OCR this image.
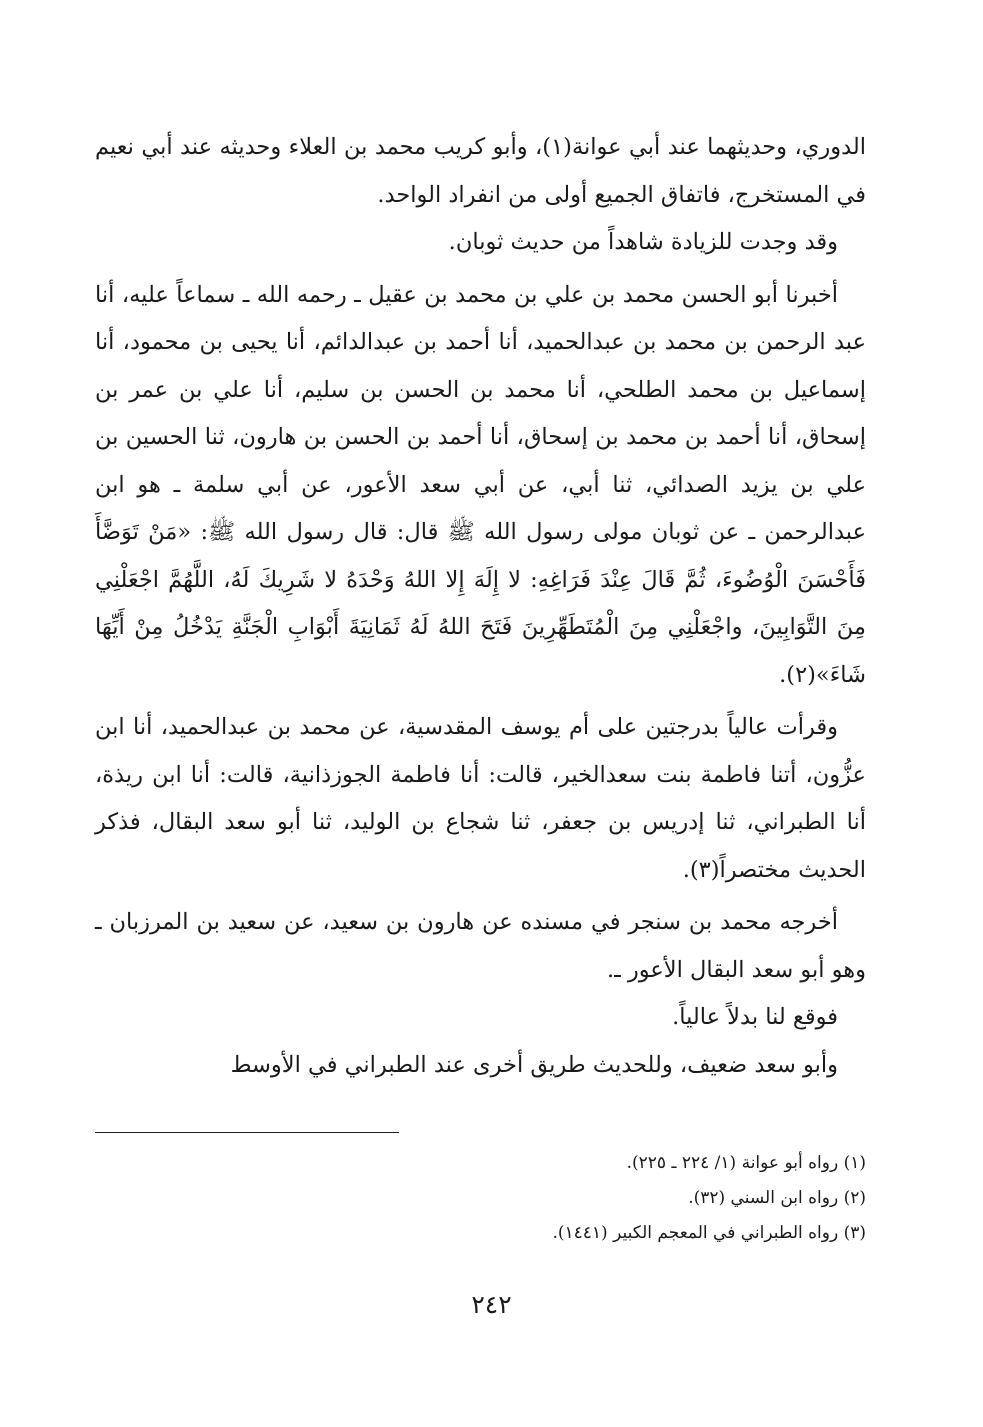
الدوري، وحديثهما عند أبي عوانة(١)، وأبو كريب محمد بن العلاء وحديثه عند أبي نعيم في المستخرج، فاتفاق الجميع أولى من انفراد الواحد.

وقد وجدت للزيادة شاهداً من حديث ثوبان.

أخبرنا أبو الحسن محمد بن علي بن محمد بن عقيل ـ رحمه الله ـ سماعاً عليه، أنا عبد الرحمن بن محمد بن عبدالحميد، أنا أحمد بن عبدالدائم، أنا يحيى بن محمود، أنا إسماعيل بن محمد الطلحي، أنا محمد بن الحسن بن سليم، أنا علي بن عمر بن إسحاق، أنا أحمد بن محمد بن إسحاق، أنا أحمد بن الحسن بن هارون، ثنا الحسين بن علي بن يزيد الصدائي، ثنا أبي، عن أبي سعد الأعور، عن أبي سلمة ـ هو ابن عبدالرحمن ـ عن ثوبان مولى رسول الله ﷺ قال: قال رسول الله ﷺ: «مَنْ تَوَضَّأَ فَأَحْسَنَ الْوُضُوءَ، ثُمَّ قَالَ عِنْدَ فَرَاغِهِ: لا إِلَهَ إِلا اللهُ وَحْدَهُ لا شَرِيكَ لَهُ، اللَّهُمَّ اجْعَلْنِي مِنَ التَّوَابِينَ، واجْعَلْنِي مِنَ الْمُتَطَهِّرِينَ فَتَحَ اللهُ لَهُ ثَمَانِيَةَ أَبْوَابِ الْجَنَّةِ يَدْخُلُ مِنْ أَيِّهَا شَاءَ»(٢).

وقرأت عالياً بدرجتين على أم يوسف المقدسية، عن محمد بن عبدالحميد، أنا ابن عزُّون، أتنا فاطمة بنت سعدالخير، قالت: أنا فاطمة الجوزذانية، قالت: أنا ابن ريذة، أنا الطبراني، ثنا إدريس بن جعفر، ثنا شجاع بن الوليد، ثنا أبو سعد البقال، فذكر الحديث مختصراً(٣).

أخرجه محمد بن سنجر في مسنده عن هارون بن سعيد، عن سعيد بن المرزبان ـ وهو أبو سعد البقال الأعور ـ.

فوقع لنا بدلاً عالياً.

وأبو سعد ضعيف، وللحديث طريق أخرى عند الطبراني في الأوسط

(١) رواه أبو عوانة (١/ ٢٢٤ ـ ٢٢٥).
(٢) رواه ابن السني (٣٢).
(٣) رواه الطبراني في المعجم الكبير (١٤٤١).
٢٤٢
